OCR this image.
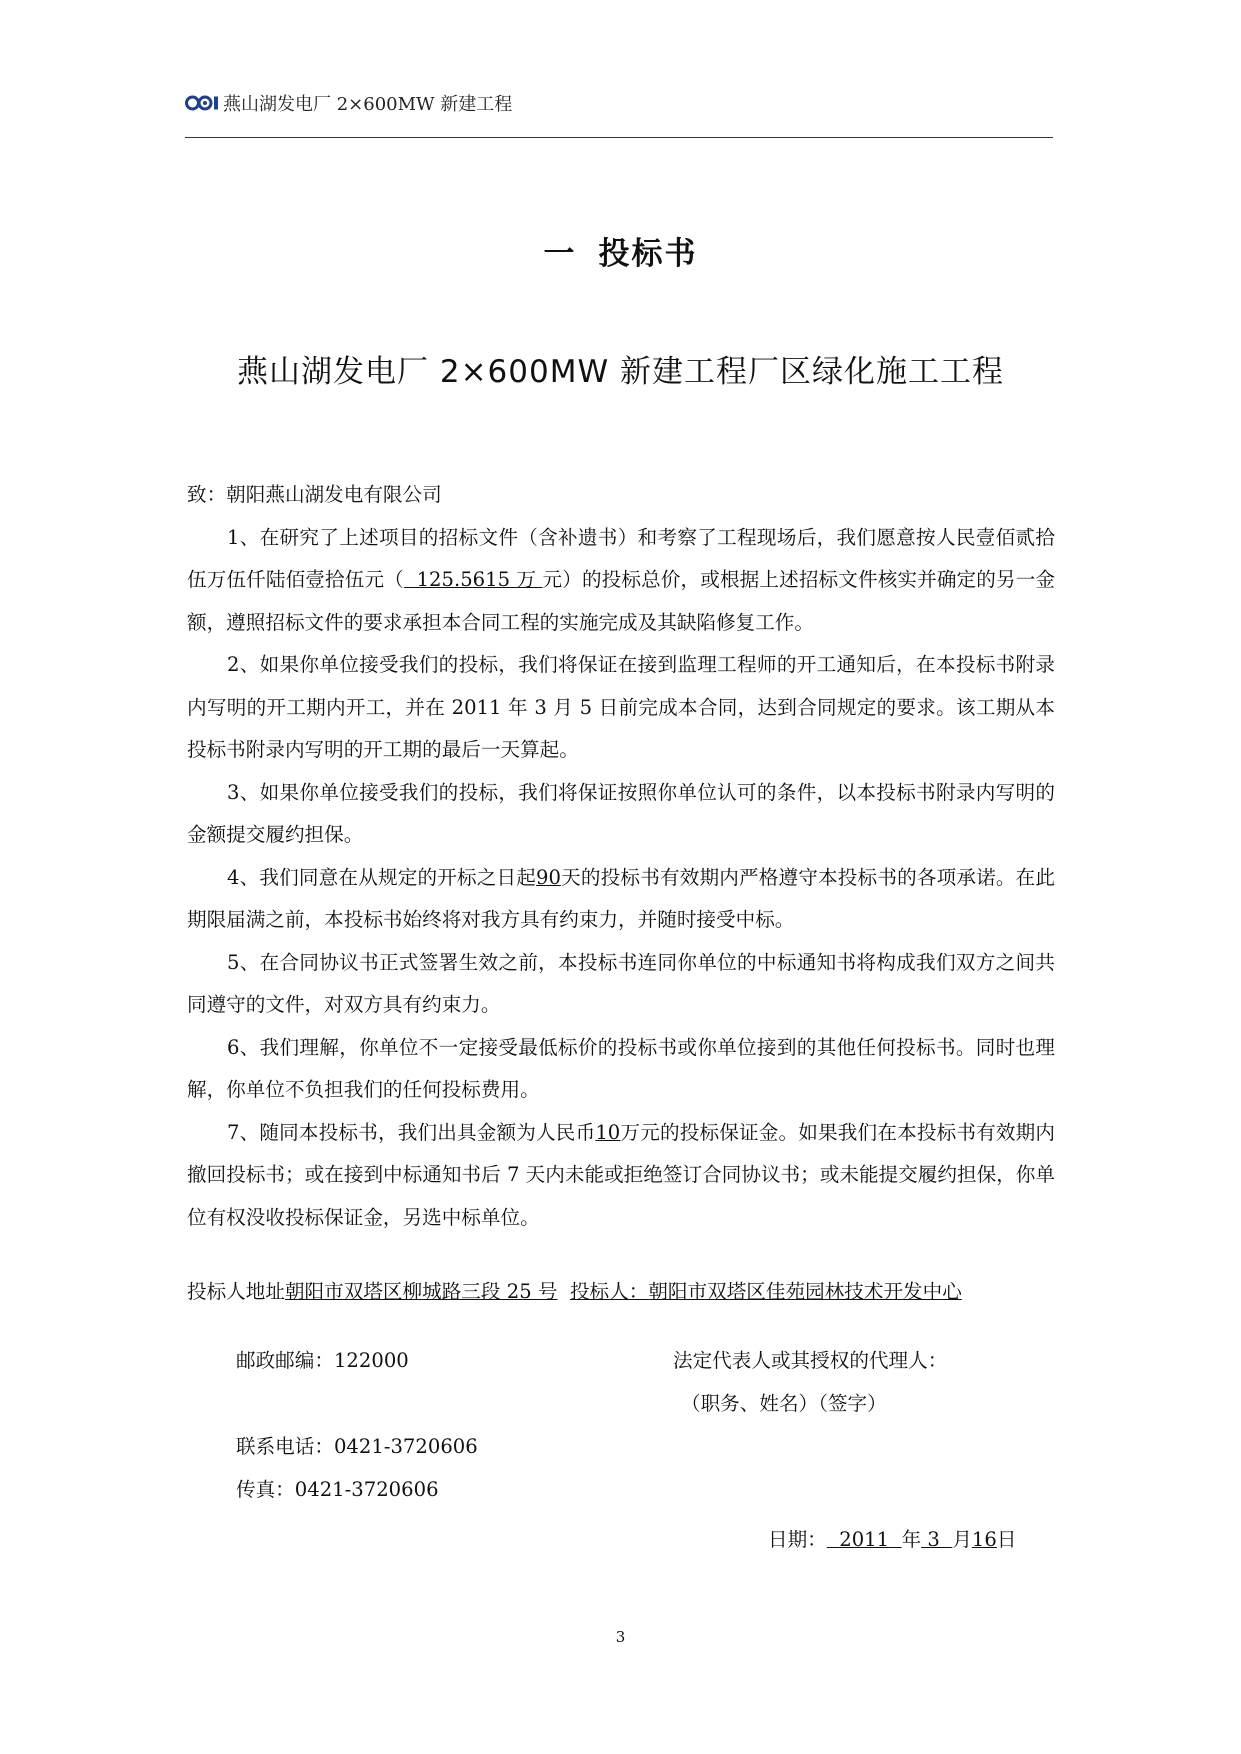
燕山湖发电厂 2×600MW 新建工程
一 投标书
燕山湖发电厂 2×600MW 新建工程厂区绿化施工工程

致：朝阳燕山湖发电有限公司

1、在研究了上述项目的招标文件（含补遗书）和考察了工程现场后，我们愿意按人民壹佰贰拾伍万伍仟陆佰壹拾伍元（  125.5615 万 元）的投标总价，或根据上述招标文件核实并确定的另一金额，遵照招标文件的要求承担本合同工程的实施完成及其缺陷修复工作。

2、如果你单位接受我们的投标，我们将保证在接到监理工程师的开工通知后，在本投标书附录内写明的开工期内开工，并在 2011 年 3 月 5 日前完成本合同，达到合同规定的要求。该工期从本投标书附录内写明的开工期的最后一天算起。

3、如果你单位接受我们的投标，我们将保证按照你单位认可的条件，以本投标书附录内写明的金额提交履约担保。

4、我们同意在从规定的开标之日起90天的投标书有效期内严格遵守本投标书的各项承诺。在此期限届满之前，本投标书始终将对我方具有约束力，并随时接受中标。

5、在合同协议书正式签署生效之前，本投标书连同你单位的中标通知书将构成我们双方之间共同遵守的文件，对双方具有约束力。

6、我们理解，你单位不一定接受最低标价的投标书或你单位接到的其他任何投标书。同时也理解，你单位不负担我们的任何投标费用。

7、随同本投标书，我们出具金额为人民币10万元的投标保证金。如果我们在本投标书有效期内撤回投标书；或在接到中标通知书后 7 天内未能或拒绝签订合同协议书；或未能提交履约担保，你单位有权没收投标保证金，另选中标单位。

投标人地址朝阳市双塔区柳城路三段 25 号 投标人：朝阳市双塔区佳苑园林技术开发中心
邮政邮编：122000	法定代表人或其授权的代理人：
（职务、姓名）（签字）
联系电话：0421-3720606
传真：0421-3720606
日期：  2011  年 3  月16日
3
